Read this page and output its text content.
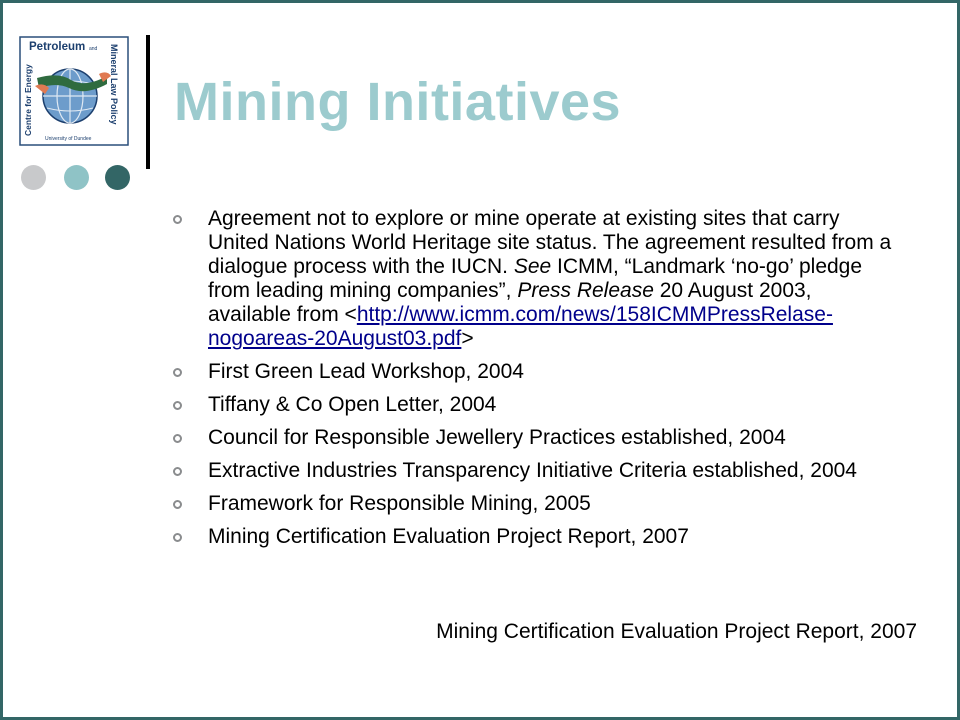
Petroleum and Mineral Law Policy
Centre for Energy
University of Dundee
Mining Initiatives
Agreement not to explore or mine operate at existing sites that carry United Nations World Heritage site status. The agreement resulted from a dialogue process with the IUCN. See ICMM, “Landmark ‘no-go’ pledge from leading mining companies”, Press Release 20 August 2003, available from <http://www.icmm.com/news/158ICMMPressRelase-nogoareas-20August03.pdf>
First Green Lead Workshop, 2004
Tiffany & Co Open Letter, 2004
Council for Responsible Jewellery Practices established, 2004
Extractive Industries Transparency Initiative Criteria established, 2004
Framework for Responsible Mining, 2005
Mining Certification Evaluation Project Report, 2007
Mining Certification Evaluation Project Report, 2007
